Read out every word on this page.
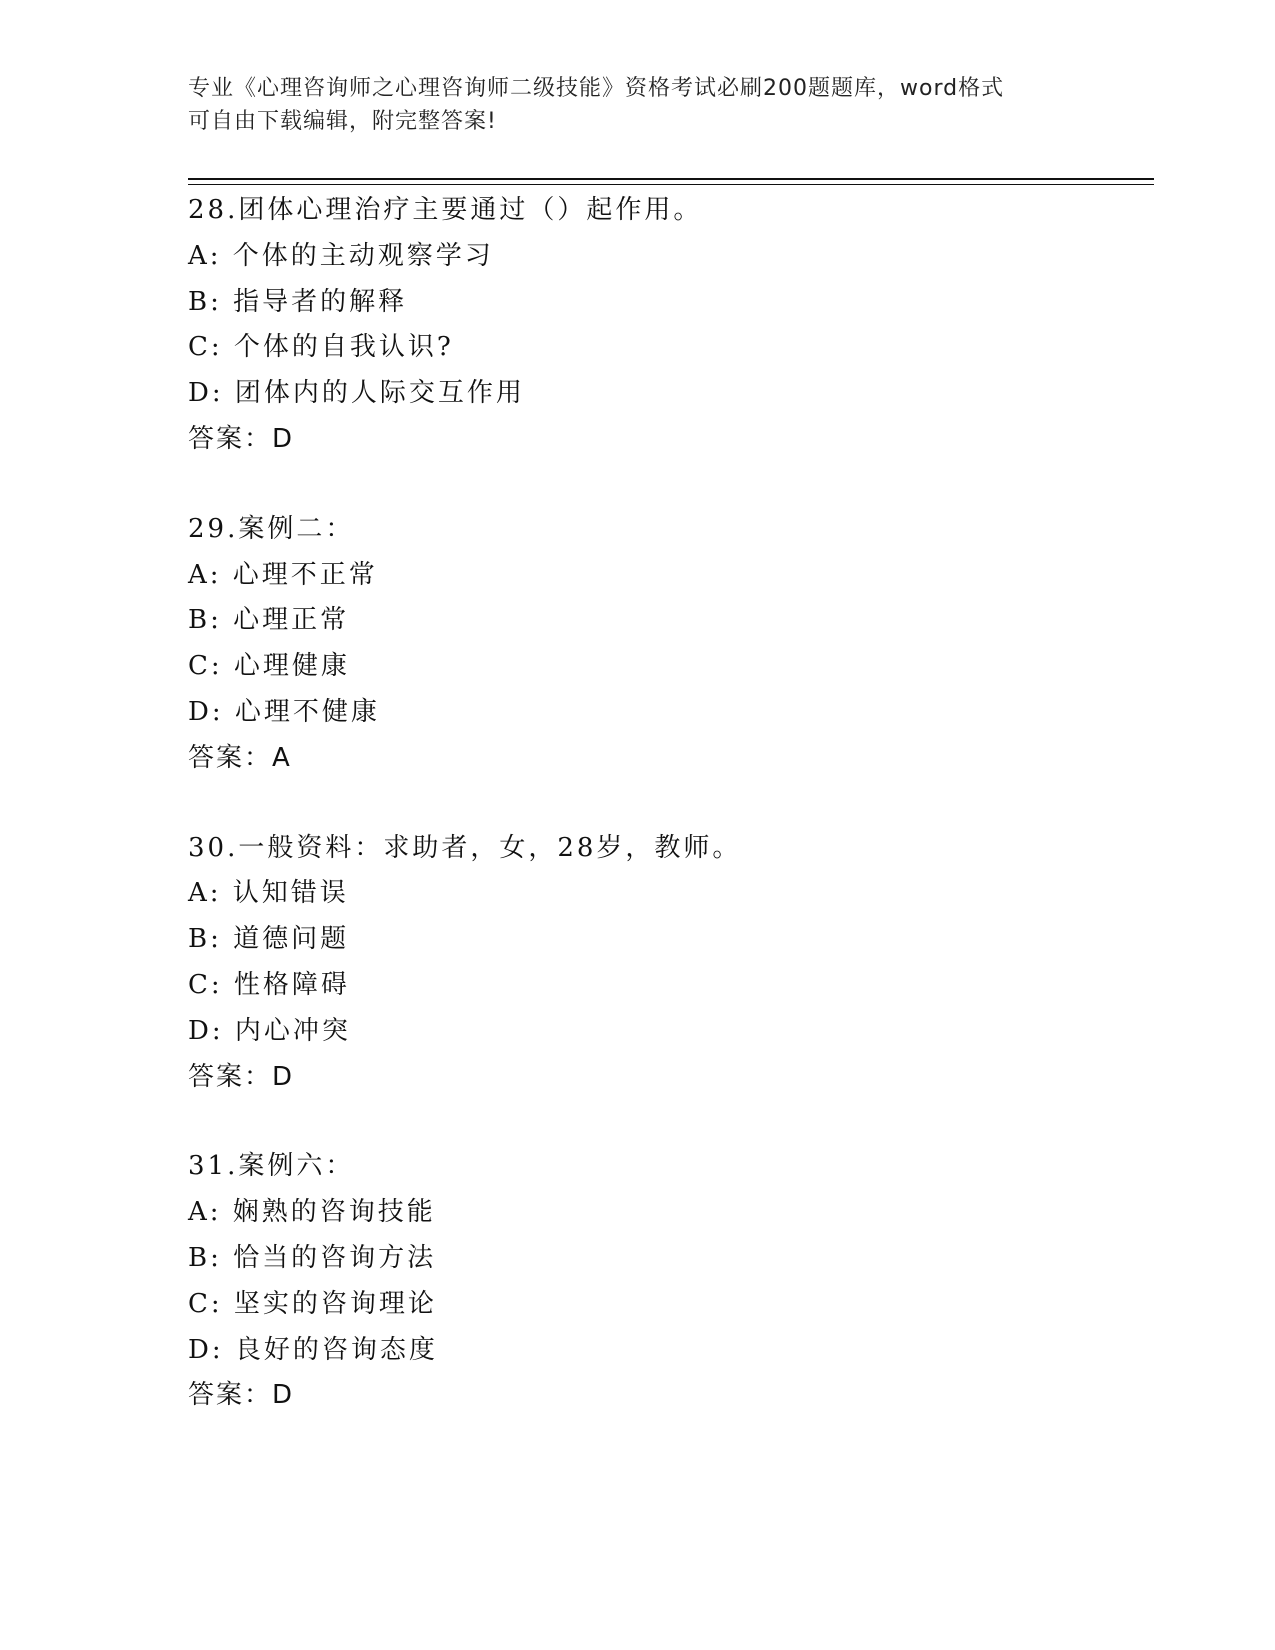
专业《心理咨询师之心理咨询师二级技能》资格考试必刷200题题库，word格式
可自由下载编辑，附完整答案!
28.团体心理治疗主要通过（）起作用。
A: 个体的主动观察学习
B: 指导者的解释
C: 个体的自我认识?
D: 团体内的人际交互作用
答案：D
29.案例二：
A: 心理不正常
B: 心理正常
C: 心理健康
D: 心理不健康
答案：A
30.一般资料：求助者，女，28岁，教师。
A: 认知错误
B: 道德问题
C: 性格障碍
D: 内心冲突
答案：D
31.案例六：
A: 娴熟的咨询技能
B: 恰当的咨询方法
C: 坚实的咨询理论
D: 良好的咨询态度
答案：D
